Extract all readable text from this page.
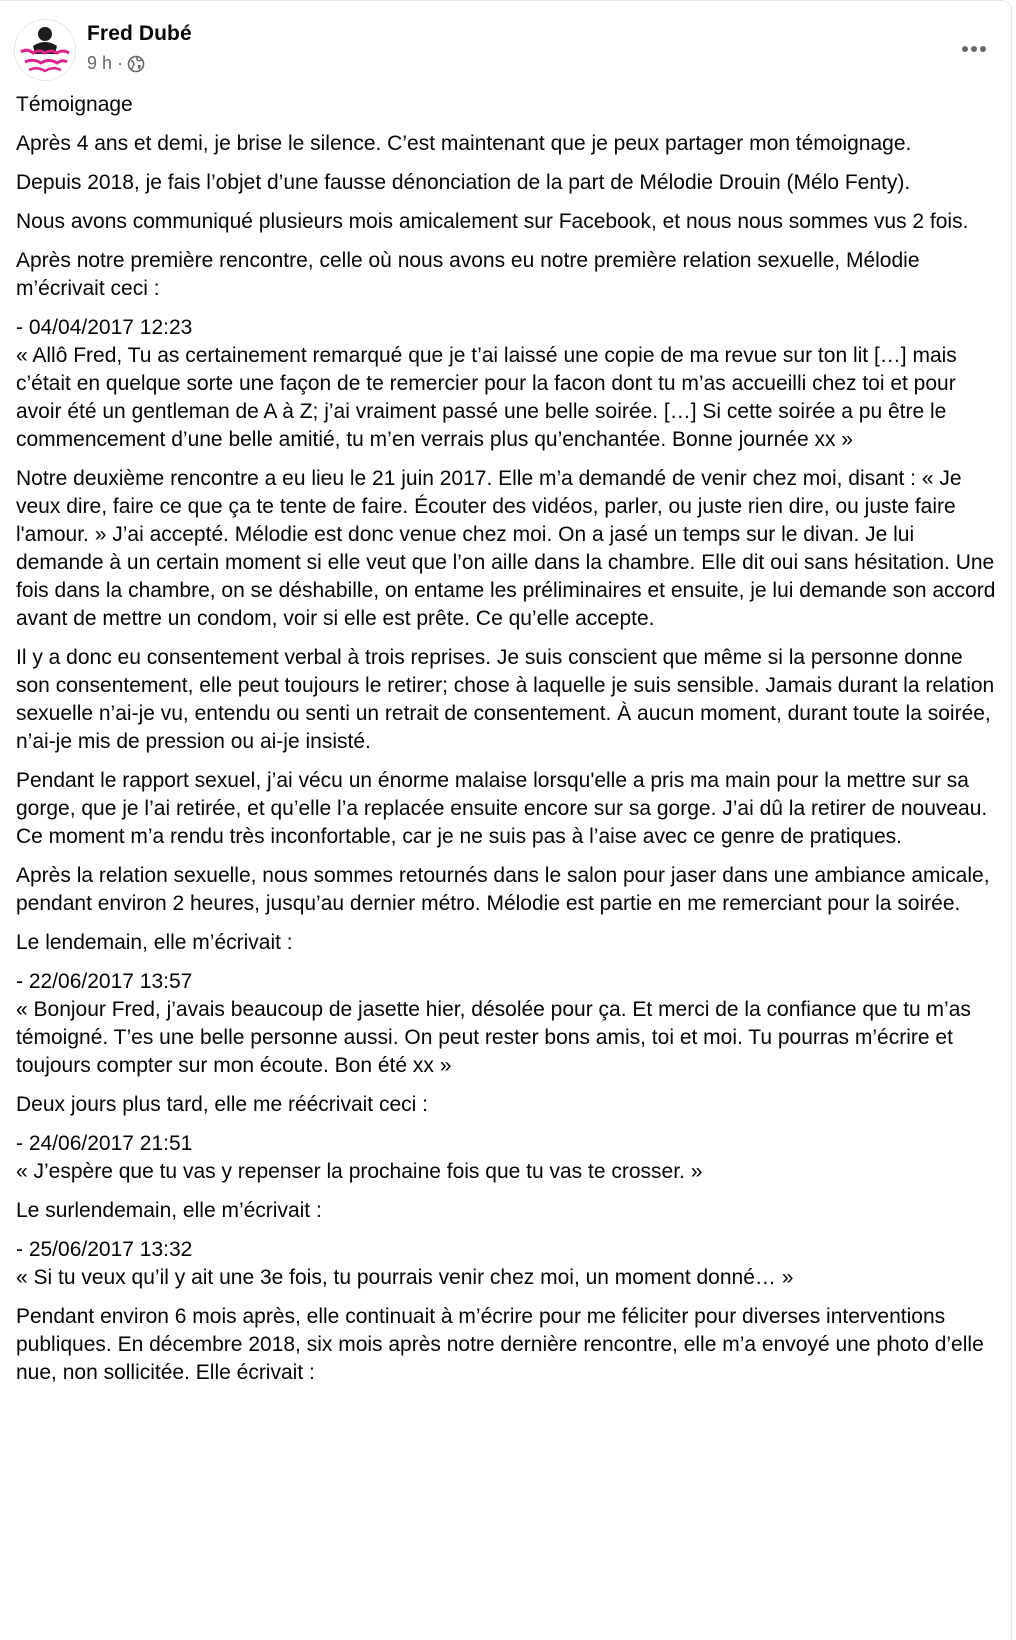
Fred Dubé
9 h ·

Témoignage

Après 4 ans et demi, je brise le silence. C’est maintenant que je peux partager mon témoignage.

Depuis 2018, je fais l’objet d’une fausse dénonciation de la part de Mélodie Drouin (Mélo Fenty).

Nous avons communiqué plusieurs mois amicalement sur Facebook, et nous nous sommes vus 2 fois.

Après notre première rencontre, celle où nous avons eu notre première relation sexuelle, Mélodie m’écrivait ceci :

- 04/04/2017 12:23
« Allô Fred, Tu as certainement remarqué que je t’ai laissé une copie de ma revue sur ton lit […] mais c’était en quelque sorte une façon de te remercier pour la facon dont tu m’as accueilli chez toi et pour avoir été un gentleman de A à Z; j’ai vraiment passé une belle soirée. […] Si cette soirée a pu être le commencement d’une belle amitié, tu m’en verrais plus qu’enchantée. Bonne journée xx »

Notre deuxième rencontre a eu lieu le 21 juin 2017. Elle m’a demandé de venir chez moi, disant : « Je veux dire, faire ce que ça te tente de faire. Écouter des vidéos, parler, ou juste rien dire, ou juste faire l'amour. » J’ai accepté. Mélodie est donc venue chez moi. On a jasé un temps sur le divan. Je lui demande à un certain moment si elle veut que l’on aille dans la chambre. Elle dit oui sans hésitation. Une fois dans la chambre, on se déshabille, on entame les préliminaires et ensuite, je lui demande son accord avant de mettre un condom, voir si elle est prête. Ce qu’elle accepte.

Il y a donc eu consentement verbal à trois reprises. Je suis conscient que même si la personne donne son consentement, elle peut toujours le retirer; chose à laquelle je suis sensible. Jamais durant la relation sexuelle n’ai-je vu, entendu ou senti un retrait de consentement. À aucun moment, durant toute la soirée, n’ai-je mis de pression ou ai-je insisté.

Pendant le rapport sexuel, j’ai vécu un énorme malaise lorsqu'elle a pris ma main pour la mettre sur sa gorge, que je l’ai retirée, et qu’elle l’a replacée ensuite encore sur sa gorge. J’ai dû la retirer de nouveau. Ce moment m’a rendu très inconfortable, car je ne suis pas à l’aise avec ce genre de pratiques.

Après la relation sexuelle, nous sommes retournés dans le salon pour jaser dans une ambiance amicale, pendant environ 2 heures, jusqu’au dernier métro. Mélodie est partie en me remerciant pour la soirée.

Le lendemain, elle m’écrivait :

- 22/06/2017 13:57
« Bonjour Fred, j’avais beaucoup de jasette hier, désolée pour ça. Et merci de la confiance que tu m’as témoigné. T’es une belle personne aussi. On peut rester bons amis, toi et moi. Tu pourras m’écrire et toujours compter sur mon écoute. Bon été xx »

Deux jours plus tard, elle me réécrivait ceci :

- 24/06/2017 21:51
« J’espère que tu vas y repenser la prochaine fois que tu vas te crosser. »

Le surlendemain, elle m’écrivait :

- 25/06/2017 13:32
« Si tu veux qu’il y ait une 3e fois, tu pourrais venir chez moi, un moment donné… »

Pendant environ 6 mois après, elle continuait à m’écrire pour me féliciter pour diverses interventions publiques. En décembre 2018, six mois après notre dernière rencontre, elle m’a envoyé une photo d’elle nue, non sollicitée. Elle écrivait :
